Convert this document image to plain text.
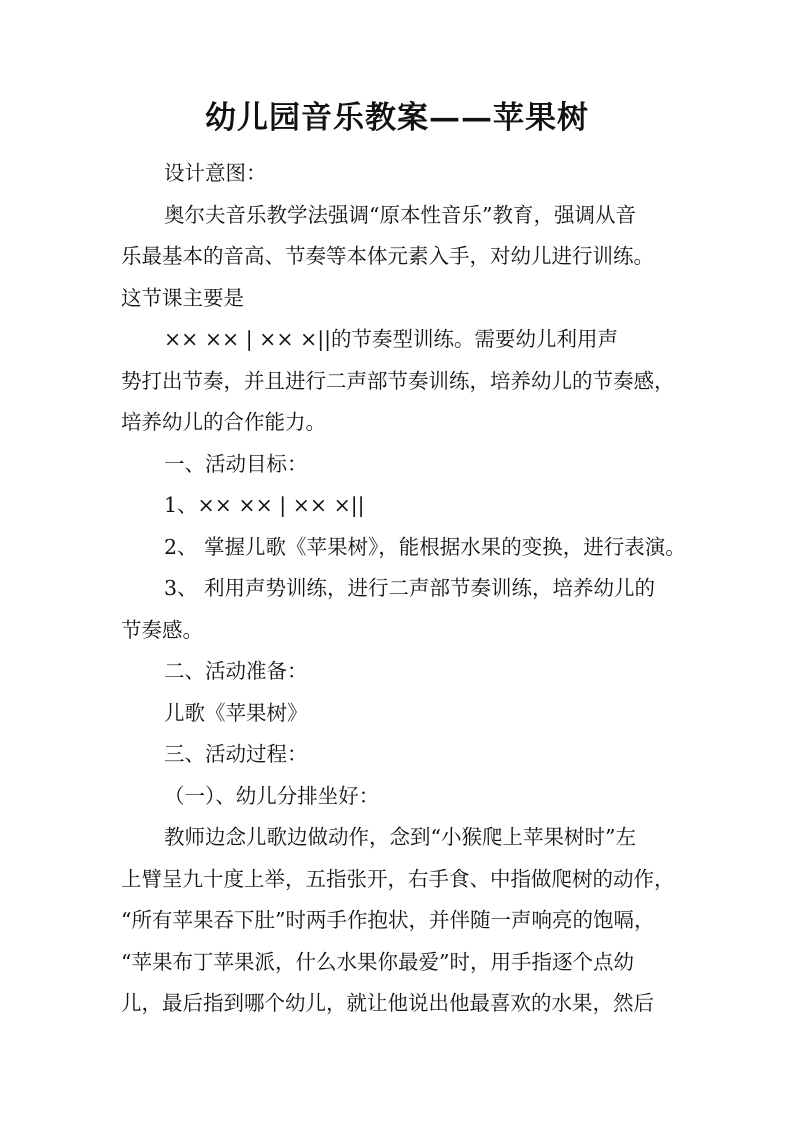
幼儿园音乐教案——苹果树
设计意图：
奥尔夫音乐教学法强调“原本性音乐”教育，强调从音
乐最基本的音高、节奏等本体元素入手，对幼儿进行训练。
这节课主要是
×× ×× | ×× ×||的节奏型训练。需要幼儿利用声
势打出节奏，并且进行二声部节奏训练，培养幼儿的节奏感，
培养幼儿的合作能力。
一、活动目标：
1、×× ×× | ×× ×||
2、 掌握儿歌《苹果树》，能根据水果的变换，进行表演。
3、 利用声势训练，进行二声部节奏训练，培养幼儿的
节奏感。
二、活动准备：
儿歌《苹果树》
三、活动过程：
（一）、幼儿分排坐好：
教师边念儿歌边做动作，念到“小猴爬上苹果树时”左
上臂呈九十度上举，五指张开，右手食、中指做爬树的动作，
“所有苹果吞下肚”时两手作抱状，并伴随一声响亮的饱嗝，
“苹果布丁苹果派，什么水果你最爱”时，用手指逐个点幼
儿，最后指到哪个幼儿，就让他说出他最喜欢的水果，然后
